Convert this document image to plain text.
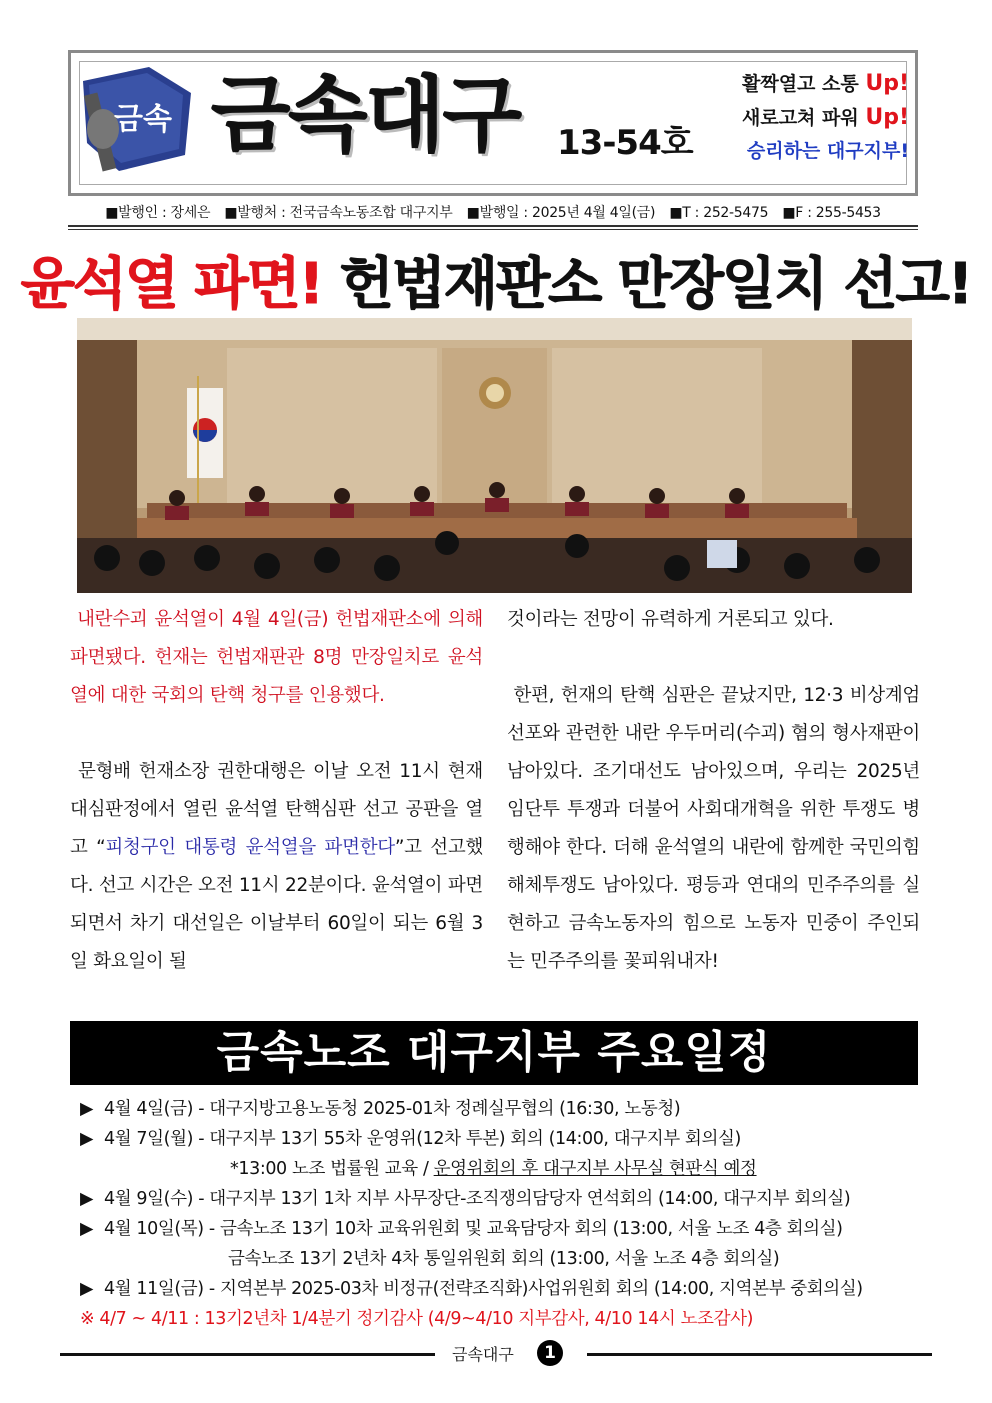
금속 금속대구 13-54호
활짝열고 소통 Up!
새로고쳐 파워 Up!
승리하는 대구지부!
■발행인 : 장세은 ■발행처 : 전국금속노동조합 대구지부 ■발행일 : 2025년 4월 4일(금) ■T : 252-5475 ■F : 255-5453
윤석열 파면! 헌법재판소 만장일치 선고!

내란수괴 윤석열이 4월 4일(금) 헌법재판소에 의해 파면됐다. 헌재는 헌법재판관 8명 만장일치로 윤석열에 대한 국회의 탄핵 청구를 인용했다.

문형배 헌재소장 권한대행은 이날 오전 11시 현재 대심판정에서 열린 윤석열 탄핵심판 선고 공판을 열고 “피청구인 대통령 윤석열을 파면한다”고 선고했다. 선고 시간은 오전 11시 22분이다. 윤석열이 파면되면서 차기 대선일은 이날부터 60일이 되는 6월 3일 화요일이 될

것이라는 전망이 유력하게 거론되고 있다.

한편, 헌재의 탄핵 심판은 끝났지만, 12·3 비상계엄 선포와 관련한 내란 우두머리(수괴) 혐의 형사재판이 남아있다. 조기대선도 남아있으며, 우리는 2025년 임단투 투쟁과 더불어 사회대개혁을 위한 투쟁도 병행해야 한다. 더해 윤석열의 내란에 함께한 국민의힘 해체투쟁도 남아있다. 평등과 연대의 민주주의를 실현하고 금속노동자의 힘으로 노동자 민중이 주인되는 민주주의를 꽃피워내자!

금속노조 대구지부 주요일정
▶ 4월 4일(금) - 대구지방고용노동청 2025-01차 정례실무협의 (16:30, 노동청)
▶ 4월 7일(월) - 대구지부 13기 55차 운영위(12차 투본) 회의 (14:00, 대구지부 회의실)
*13:00 노조 법률원 교육 / 운영위회의 후 대구지부 사무실 현판식 예정
▶ 4월 9일(수) - 대구지부 13기 1차 지부 사무장단-조직쟁의담당자 연석회의 (14:00, 대구지부 회의실)
▶ 4월 10일(목) - 금속노조 13기 10차 교육위원회 및 교육담당자 회의 (13:00, 서울 노조 4층 회의실)
금속노조 13기 2년차 4차 통일위원회 회의 (13:00, 서울 노조 4층 회의실)
▶ 4월 11일(금) - 지역본부 2025-03차 비정규(전략조직화)사업위원회 회의 (14:00, 지역본부 중회의실)
※ 4/7 ~ 4/11 : 13기2년차 1/4분기 정기감사 (4/9~4/10 지부감사, 4/10 14시 노조감사)
금속대구	1
